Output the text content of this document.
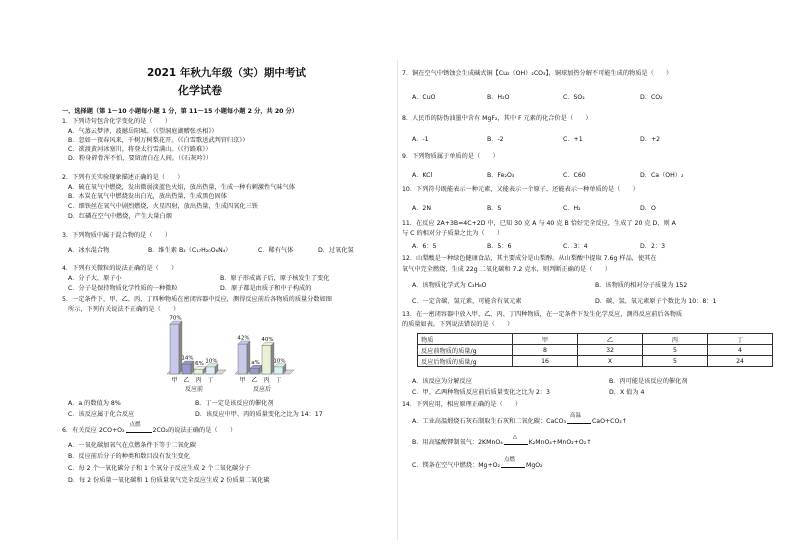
2021 年秋九年级（实）期中考试
化学试卷
一、选择题（第 1～10 小题每小题 1 分，第 11～15 小题每小题 2 分，共 20 分）
1．下列诗句包含化学变化的是（　　）
A．气蒸云梦泽，波撼岳阳城。（《望洞庭湖赠张丞相》）
B．忽如一夜春风来，千树万树梨花开。（《白雪歌送武判官归京》）
C．欲渡黄河冰塞川，将登太行雪满山。（《行路难》）
D．粉身碎骨浑不怕，要留清白在人间。（《石灰吟》）
2．下列有关实验现象描述正确的是（　　）
A．硫在氧气中燃烧，发出微弱淡蓝色火焰，放出热量，生成一种有刺激性气味气体
B．木炭在氧气中燃烧发出白光，放出热量，生成黑色固体
C．细铁丝在氧气中剧烈燃烧，火星四射，放出热量，生成四氧化三铁
D．红磷在空气中燃烧，产生大量白烟
3．下列物质中属于混合物的是（　　）
A．冰水混合物	B．维生素 B₂（C₁₇H₂₀O₆N₄）	C．稀有气体	D．过氧化氢
4．下列有关微粒的说法正确的是（　　）
A．分子大，原子小	B．原子形成离子后，原子核发生了变化
C．分子是保持物质化学性质的一种微粒	D．原子都是由质子和中子构成的
5．一定条件下，甲、乙、丙、丁四种物质在密闭容器中反应，测得反应前后各物质的质量分数如图
所示，下列有关说法不正确的是（　　）
70%
甲
14%
乙
6%
丙
10%
丁
反应前
42%
甲
a%
乙
40%
丙
10%
丁
反应后
A．a 的数值为 8%	B．丁一定是该反应的催化剂
C．该反应属于化合反应	D．该反应中甲、丙的质量变化之比为 14：17
6．有关反应 2CO+O₂
点燃
2CO₂的说法正确的是（　　）
A．一氧化碳加氧气在点燃条件下等于二氧化碳
B．反应前后分子的种类和数目没有发生变化
C．每 2 个一氧化碳分子和 1 个氧分子反应生成 2 个二氧化碳分子
D．每 2 份质量一氧化碳和 1 份质量氧气完全反应生成 2 份质量二氧化碳
7．铜在空气中锈蚀会生成碱式铜【Cu₂（OH）₂CO₃】，铜球加热分解不可能生成的物质是（　　）
A．CuO	B．H₂O	C．SO₂	D．CO₂
8．人民币的防伪油墨中含有 MgF₂，其中 F 元素的化合价是（　　）
A．-1	B．-2	C．+1	D．+2
9．下列物质属于单质的是（　　）
A．KCl	B．Fe₂O₃	C．C60	D．Ca（OH）₂
10．下列符号既能表示一种元素，又能表示一个原子，还能表示一种单质的是（　　）
A．2N	B．S	C．H₂	D．O
11．在反应 2A+3B=4C+2D 中，已知 30 克 A 与 40 克 B 恰好完全反应，生成了 20 克 D，则 A
与 C 的相对分子质量之比为（　　）
A．6：5	B．5：6	C．3：4	D．2：3
12．山梨酸是一种绿色健康食品，其主要成分是山梨醇。从山梨酸中提取 7.6g 样品，使其在
氧气中完全燃烧，生成 22g 二氧化碳和 7.2 克水，则判断正确的是（　　）
A．该物质化学式为 C₃H₈O	B．该物质的相对分子质量为 152
C．一定含碳、氢元素，可能含有氧元素	D．碳、氢、氧元素原子个数比为 10：8：1
13．在一密闭容器中放入甲、乙、丙、丁四种物质，在一定条件下发生化学反应，测得反应前后各物质
的质量如表。下列说法错误的是（　　）
物质	甲	乙	丙	丁
反应前物质的质量/g	8	32	5	4
反应后物质的质量/g	16	X	5	24
A．该反应为分解反应	B．丙可能是该反应的催化剂
C．甲、乙两种物质反应前后质量变化之比为 2：3	D．X 值为 4
14．下列应用，相应原理正确的是（　　）
A．工业高温煅烧石灰石制取生石灰和二氧化碳：CaCO₃
高温
CaO+CO₂↑
B．用高锰酸钾制氧气：2KMnO₄
△
K₂MnO₄+MnO₂+O₂↑
C．镁条在空气中燃烧：Mg+O₂
点燃
MgO₂
